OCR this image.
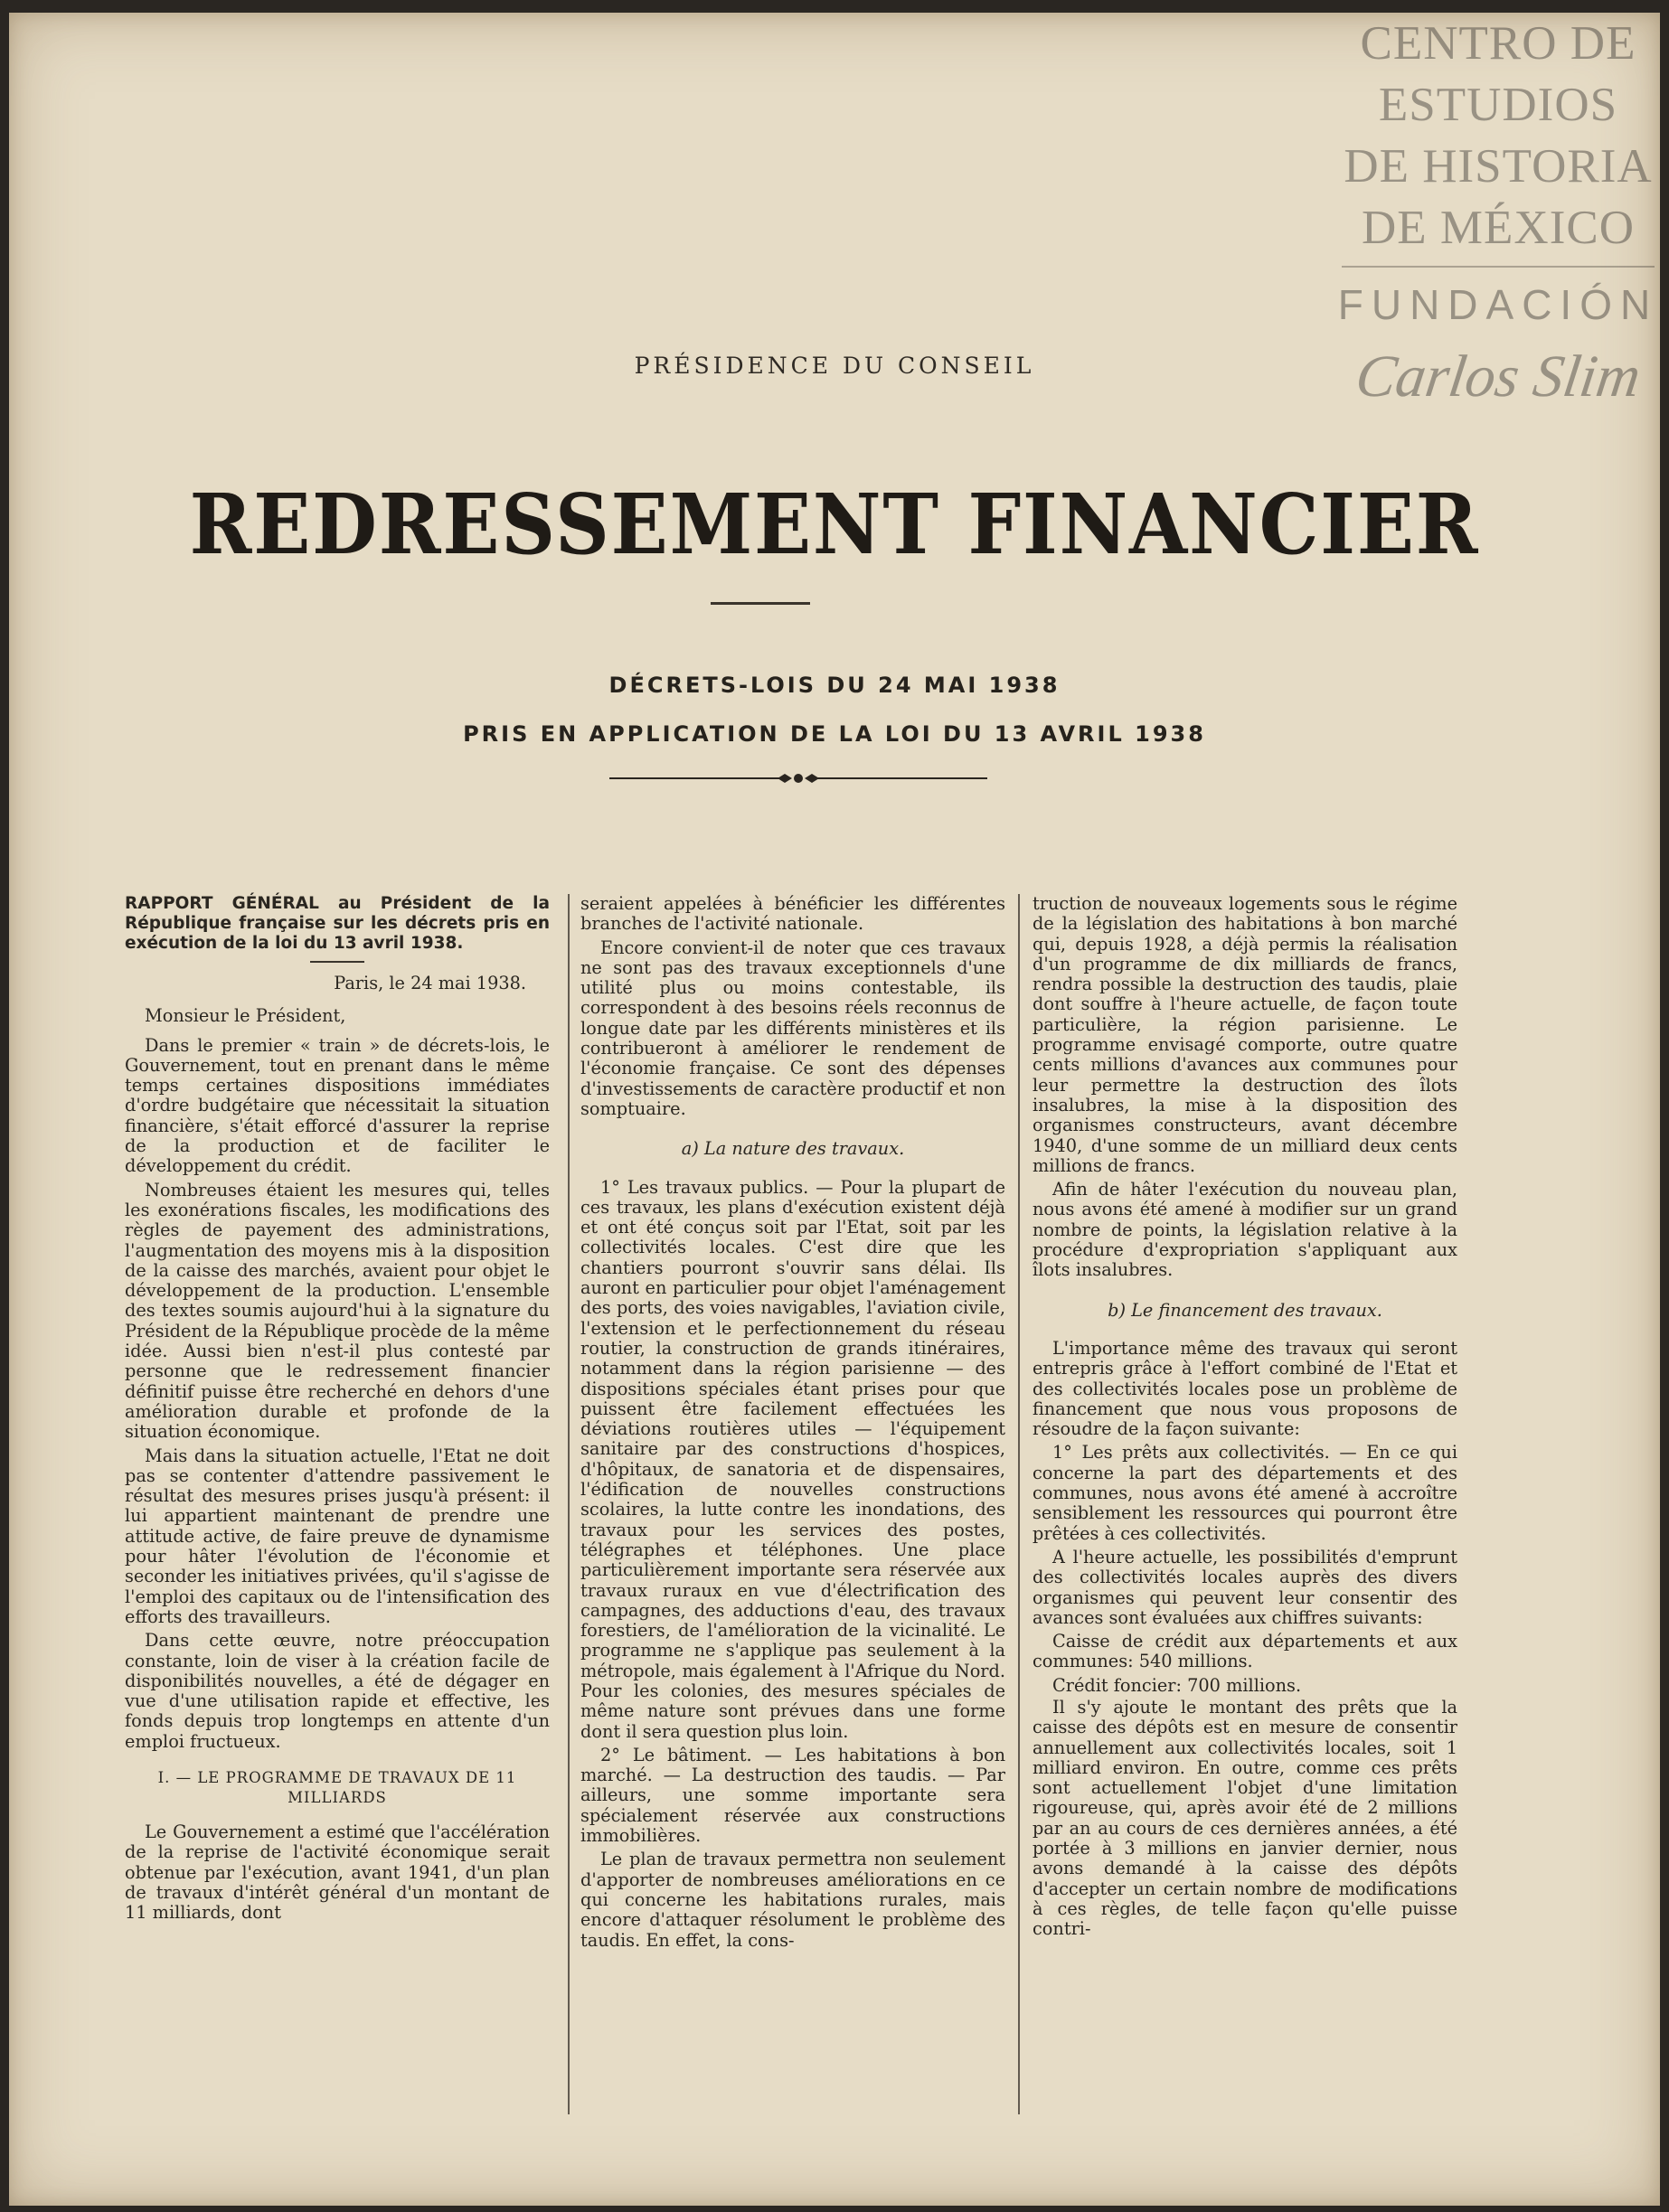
CENTRO DE
ESTUDIOS
DE HISTORIA
DE MÉXICO
FUNDACIÓN
Carlos Slim
PRÉSIDENCE DU CONSEIL
REDRESSEMENT FINANCIER
DÉCRETS-LOIS DU 24 MAI 1938
PRIS EN APPLICATION DE LA LOI DU 13 AVRIL 1938

RAPPORT GÉNÉRAL au Président de la République française sur les décrets pris en exécution de la loi du 13 avril 1938.

Paris, le 24 mai 1938.

Monsieur le Président,

Dans le premier « train » de décrets-lois, le Gouvernement, tout en prenant dans le même temps certaines dispositions immédiates d'ordre budgétaire que nécessitait la situation financière, s'était efforcé d'assurer la reprise de la production et de faciliter le développement du crédit.

Nombreuses étaient les mesures qui, telles les exonérations fiscales, les modifications des règles de payement des administrations, l'augmentation des moyens mis à la disposition de la caisse des marchés, avaient pour objet le développement de la production. L'ensemble des textes soumis aujourd'hui à la signature du Président de la République procède de la même idée. Aussi bien n'est-il plus contesté par personne que le redressement financier définitif puisse être recherché en dehors d'une amélioration durable et profonde de la situation économique.

Mais dans la situation actuelle, l'Etat ne doit pas se contenter d'attendre passivement le résultat des mesures prises jusqu'à présent: il lui appartient maintenant de prendre une attitude active, de faire preuve de dynamisme pour hâter l'évolution de l'économie et seconder les initiatives privées, qu'il s'agisse de l'emploi des capitaux ou de l'intensification des efforts des travailleurs.

Dans cette œuvre, notre préoccupation constante, loin de viser à la création facile de disponibilités nouvelles, a été de dégager en vue d'une utilisation rapide et effective, les fonds depuis trop longtemps en attente d'un emploi fructueux.

I. — LE PROGRAMME DE TRAVAUX DE 11 MILLIARDS

Le Gouvernement a estimé que l'accélération de la reprise de l'activité économique serait obtenue par l'exécution, avant 1941, d'un plan de travaux d'intérêt général d'un montant de 11 milliards, dont

seraient appelées à bénéficier les différentes branches de l'activité nationale.

Encore convient-il de noter que ces travaux ne sont pas des travaux exceptionnels d'une utilité plus ou moins contestable, ils correspondent à des besoins réels reconnus de longue date par les différents ministères et ils contribueront à améliorer le rendement de l'économie française. Ce sont des dépenses d'investissements de caractère productif et non somptuaire.

a) La nature des travaux.

1° Les travaux publics. — Pour la plupart de ces travaux, les plans d'exécution existent déjà et ont été conçus soit par l'Etat, soit par les collectivités locales. C'est dire que les chantiers pourront s'ouvrir sans délai. Ils auront en particulier pour objet l'aménagement des ports, des voies navigables, l'aviation civile, l'extension et le perfectionnement du réseau routier, la construction de grands itinéraires, notamment dans la région parisienne — des dispositions spéciales étant prises pour que puissent être facilement effectuées les déviations routières utiles — l'équipement sanitaire par des constructions d'hospices, d'hôpitaux, de sanatoria et de dispensaires, l'édification de nouvelles constructions scolaires, la lutte contre les inondations, des travaux pour les services des postes, télégraphes et téléphones. Une place particulièrement importante sera réservée aux travaux ruraux en vue d'électrification des campagnes, des adductions d'eau, des travaux forestiers, de l'amélioration de la vicinalité. Le programme ne s'applique pas seulement à la métropole, mais également à l'Afrique du Nord. Pour les colonies, des mesures spéciales de même nature sont prévues dans une forme dont il sera question plus loin.

2° Le bâtiment. — Les habitations à bon marché. — La destruction des taudis. — Par ailleurs, une somme importante sera spécialement réservée aux constructions immobilières.

Le plan de travaux permettra non seulement d'apporter de nombreuses améliorations en ce qui concerne les habitations rurales, mais encore d'attaquer résolument le problème des taudis. En effet, la cons-

truction de nouveaux logements sous le régime de la législation des habitations à bon marché qui, depuis 1928, a déjà permis la réalisation d'un programme de dix milliards de francs, rendra possible la destruction des taudis, plaie dont souffre à l'heure actuelle, de façon toute particulière, la région parisienne. Le programme envisagé comporte, outre quatre cents millions d'avances aux communes pour leur permettre la destruction des îlots insalubres, la mise à la disposition des organismes constructeurs, avant décembre 1940, d'une somme de un milliard deux cents millions de francs.

Afin de hâter l'exécution du nouveau plan, nous avons été amené à modifier sur un grand nombre de points, la législation relative à la procédure d'expropriation s'appliquant aux îlots insalubres.

b) Le financement des travaux.

L'importance même des travaux qui seront entrepris grâce à l'effort combiné de l'Etat et des collectivités locales pose un problème de financement que nous vous proposons de résoudre de la façon suivante:

1° Les prêts aux collectivités. — En ce qui concerne la part des départements et des communes, nous avons été amené à accroître sensiblement les ressources qui pourront être prêtées à ces collectivités.

A l'heure actuelle, les possibilités d'emprunt des collectivités locales auprès des divers organismes qui peuvent leur consentir des avances sont évaluées aux chiffres suivants:

Caisse de crédit aux départements et aux communes: 540 millions.

Crédit foncier: 700 millions.

Il s'y ajoute le montant des prêts que la caisse des dépôts est en mesure de consentir annuellement aux collectivités locales, soit 1 milliard environ. En outre, comme ces prêts sont actuellement l'objet d'une limitation rigoureuse, qui, après avoir été de 2 millions par an au cours de ces dernières années, a été portée à 3 millions en janvier dernier, nous avons demandé à la caisse des dépôts d'accepter un certain nombre de modifications à ces règles, de telle façon qu'elle puisse contri-
